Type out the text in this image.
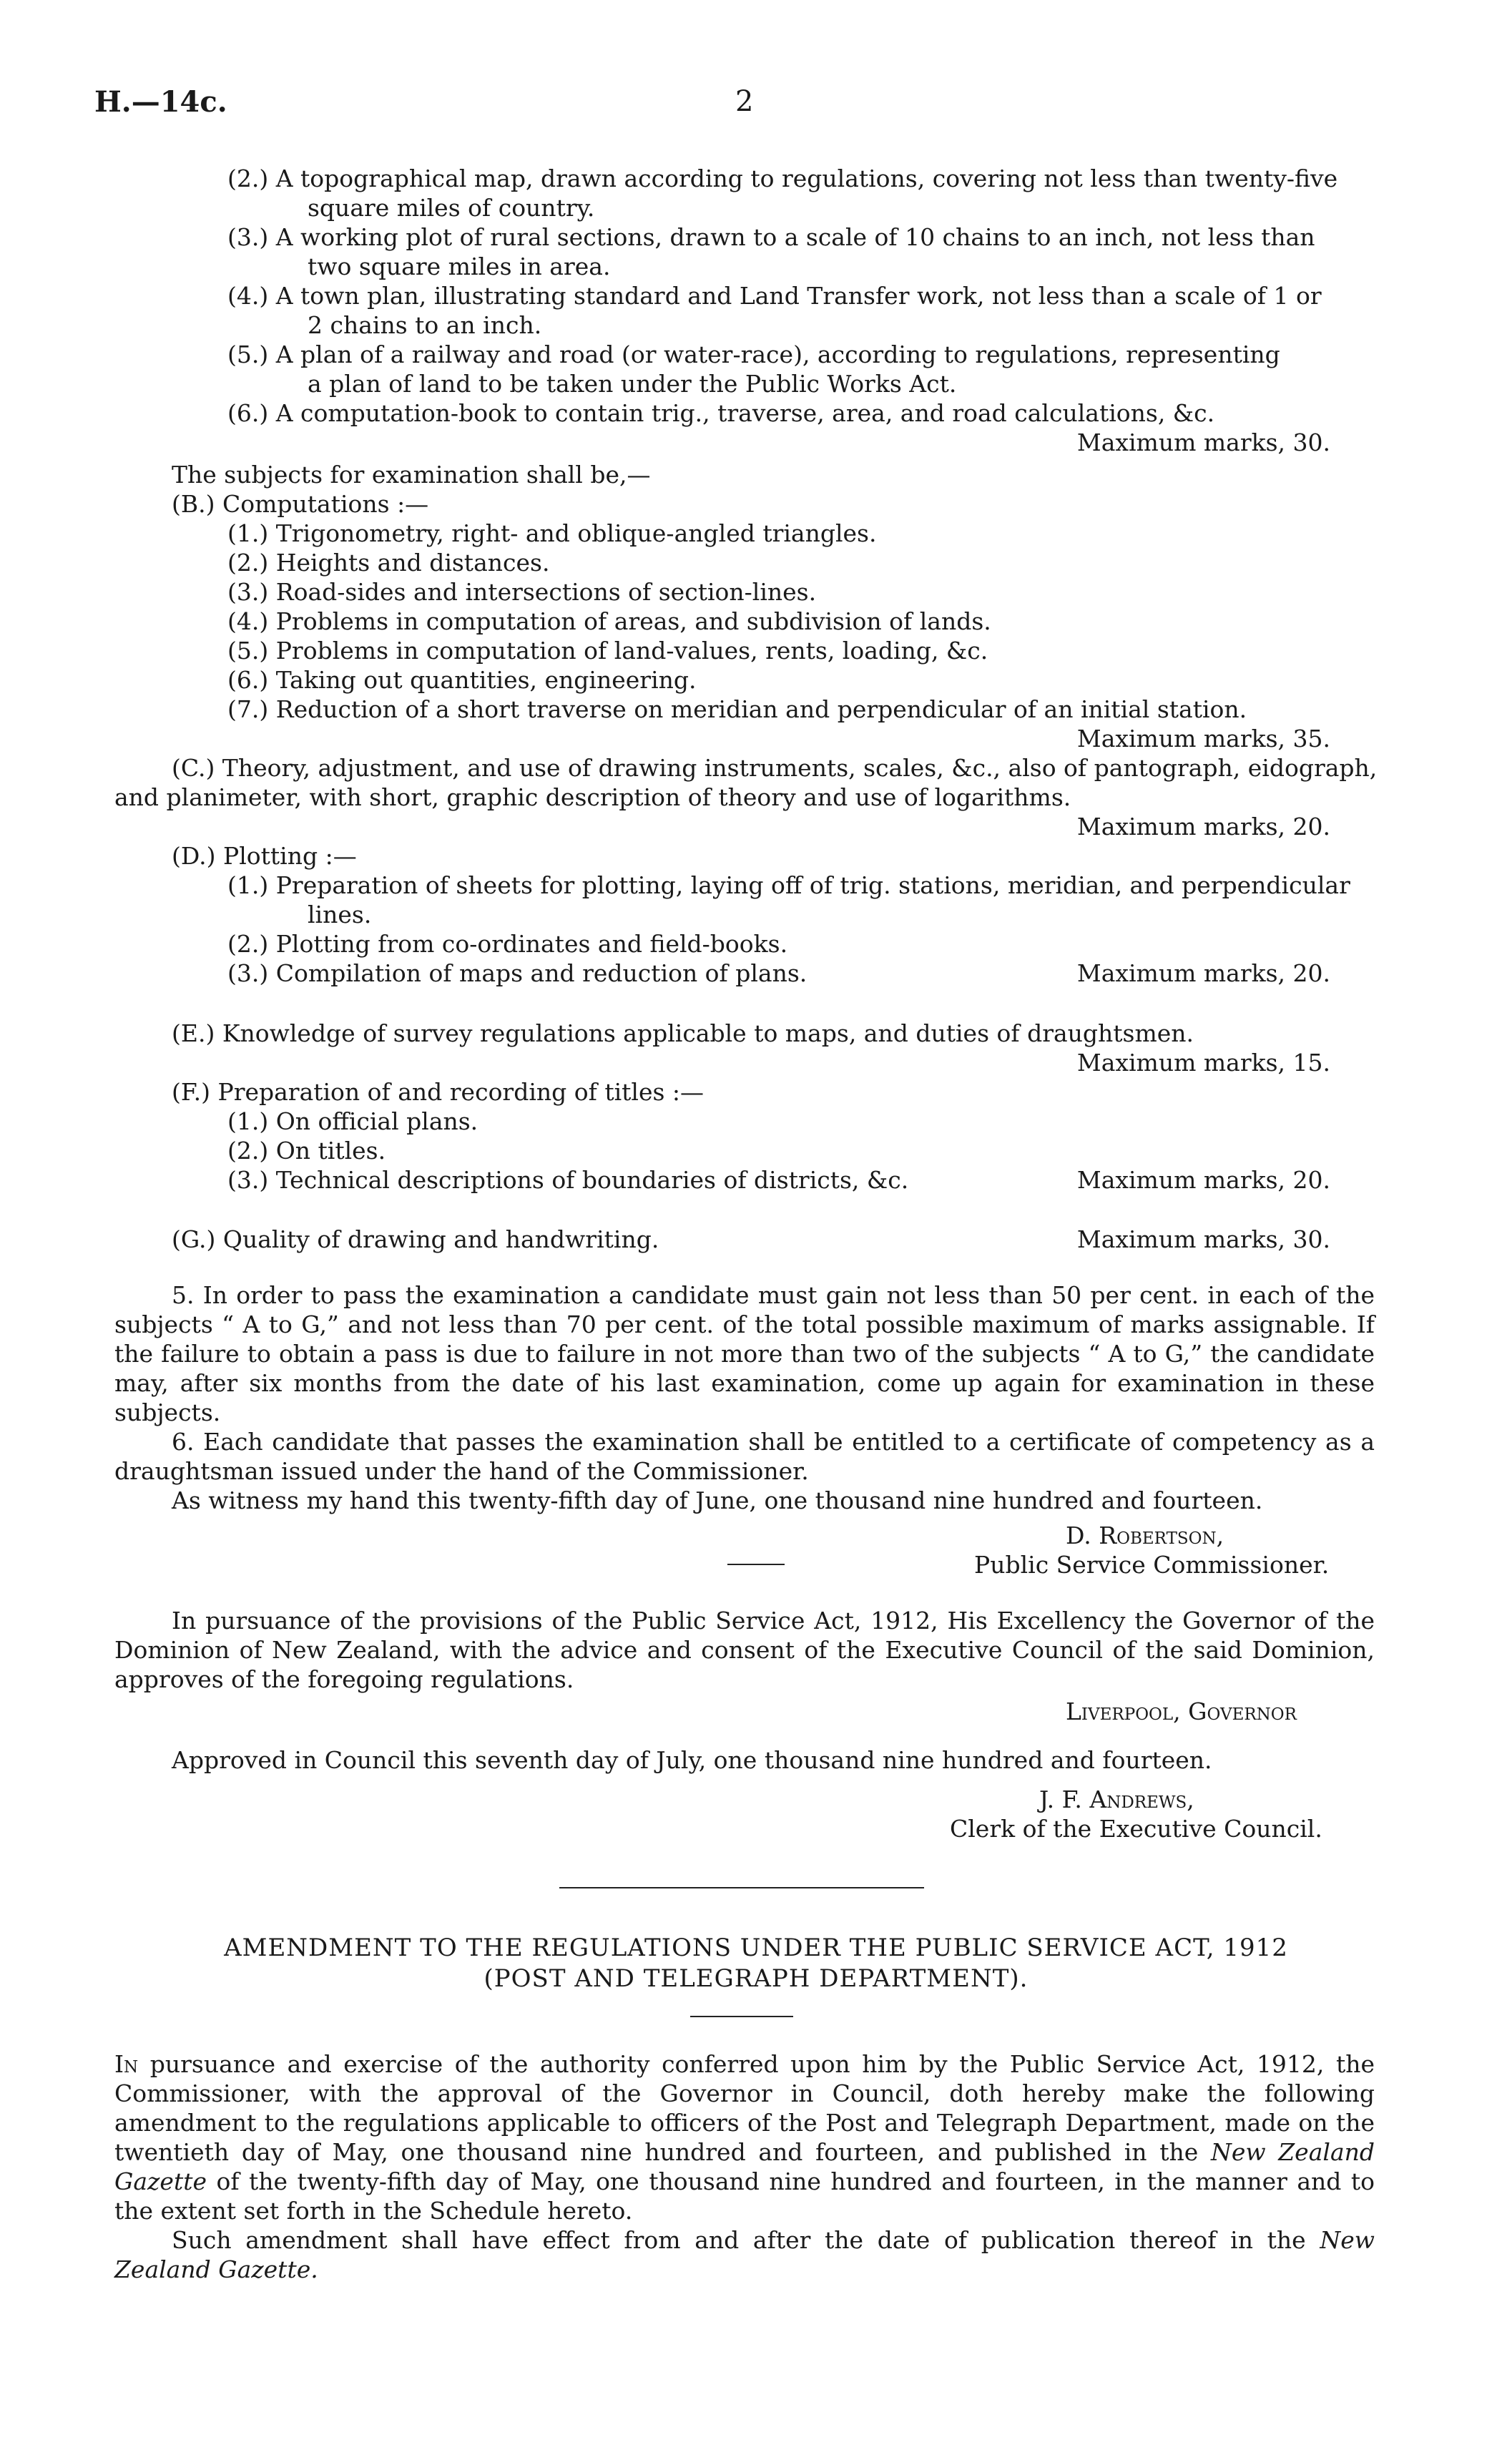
H.—14c.	2
(2.) A topographical map, drawn according to regulations, covering not less than twenty-five
square miles of country.
(3.) A working plot of rural sections, drawn to a scale of 10 chains to an inch, not less than
two square miles in area.
(4.) A town plan, illustrating standard and Land Transfer work, not less than a scale of 1 or
2 chains to an inch.
(5.) A plan of a railway and road (or water-race), according to regulations, representing
a plan of land to be taken under the Public Works Act.
(6.) A computation-book to contain trig., traverse, area, and road calculations, &c.
Maximum marks, 30.
The subjects for examination shall be,—
(B.) Computations :—
(1.) Trigonometry, right- and oblique-angled triangles.
(2.) Heights and distances.
(3.) Road-sides and intersections of section-lines.
(4.) Problems in computation of areas, and subdivision of lands.
(5.) Problems in computation of land-values, rents, loading, &c.
(6.) Taking out quantities, engineering.
(7.) Reduction of a short traverse on meridian and perpendicular of an initial station.
Maximum marks, 35.
(C.) Theory, adjustment, and use of drawing instruments, scales, &c., also of pantograph, eidograph,
and planimeter, with short, graphic description of theory and use of logarithms.
Maximum marks, 20.
(D.) Plotting :—
(1.) Preparation of sheets for plotting, laying off of trig. stations, meridian, and perpendicular
lines.
(2.) Plotting from co-ordinates and field-books.
(3.) Compilation of maps and reduction of plans.	Maximum marks, 20.
(E.) Knowledge of survey regulations applicable to maps, and duties of draughtsmen.
Maximum marks, 15.
(F.) Preparation of and recording of titles :—
(1.) On official plans.
(2.) On titles.
(3.) Technical descriptions of boundaries of districts, &c.	Maximum marks, 20.
(G.) Quality of drawing and handwriting.	Maximum marks, 30.

5. In order to pass the examination a candidate must gain not less than 50 per cent. in each of the subjects “ A to G,” and not less than 70 per cent. of the total possible maximum of marks assignable. If the failure to obtain a pass is due to failure in not more than two of the subjects “ A to G,” the candidate may, after six months from the date of his last examination, come up again for examination in these subjects.

6. Each candidate that passes the examination shall be entitled to a certificate of competency as a draughtsman issued under the hand of the Commissioner.

As witness my hand this twenty-fifth day of June, one thousand nine hundred and fourteen.
D. Robertson,
Public Service Commissioner.

In pursuance of the provisions of the Public Service Act, 1912, His Excellency the Governor of the Dominion of New Zealand, with the advice and consent of the Executive Council of the said Dominion, approves of the foregoing regulations.

Liverpool, Governor
Approved in Council this seventh day of July, one thousand nine hundred and fourteen.
J. F. Andrews,
Clerk of the Executive Council.
AMENDMENT TO THE REGULATIONS UNDER THE PUBLIC SERVICE ACT, 1912
(POST AND TELEGRAPH DEPARTMENT).

In pursuance and exercise of the authority conferred upon him by the Public Service Act, 1912, the Commissioner, with the approval of the Governor in Council, doth hereby make the following amendment to the regulations applicable to officers of the Post and Telegraph Department, made on the twentieth day of May, one thousand nine hundred and fourteen, and published in the New Zealand Gazette of the twenty-fifth day of May, one thousand nine hundred and fourteen, in the manner and to the extent set forth in the Schedule hereto.

Such amendment shall have effect from and after the date of publication thereof in the New Zealand Gazette.
